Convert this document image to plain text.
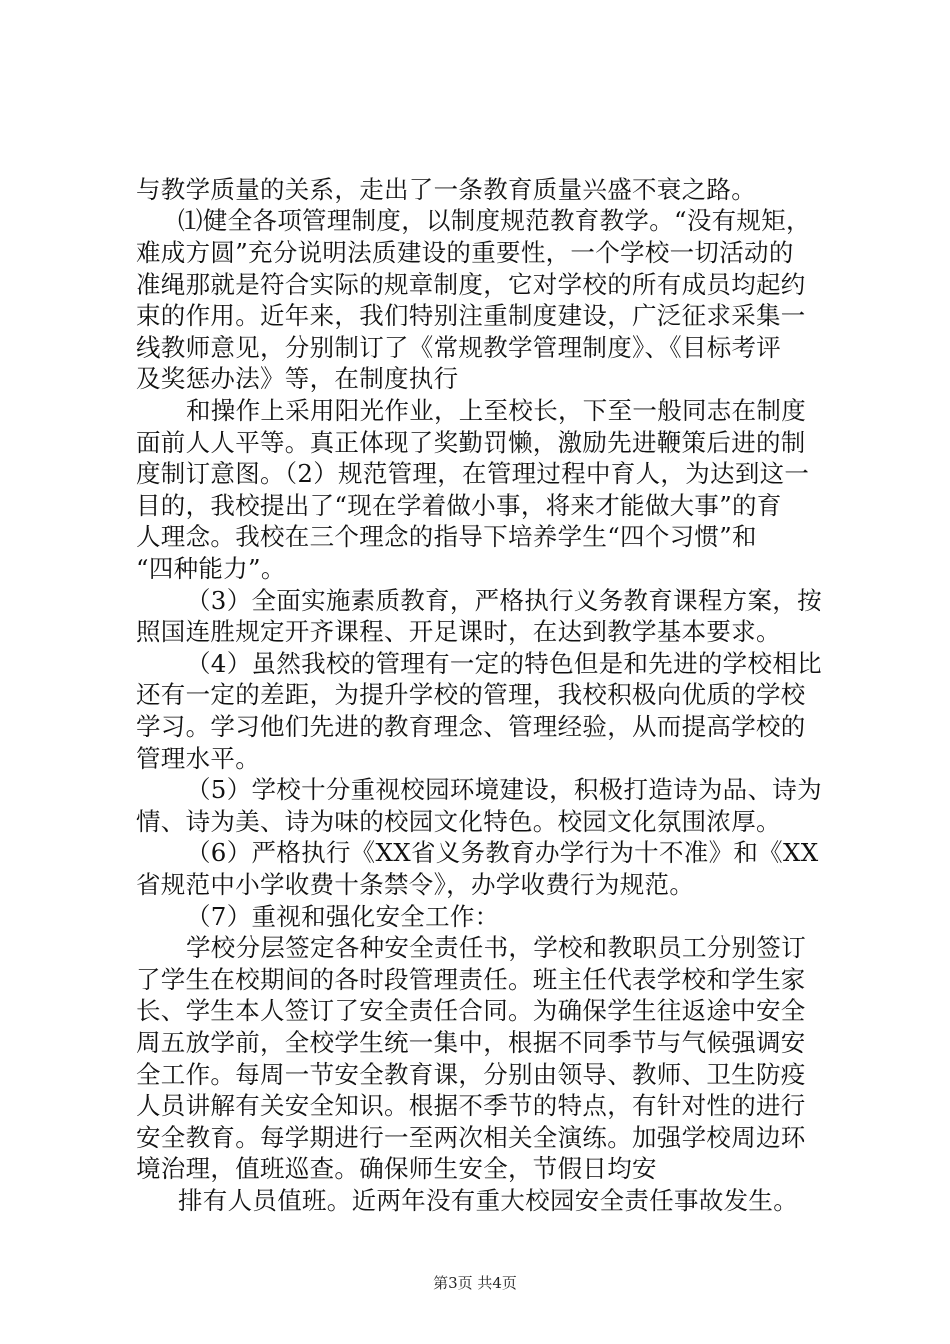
与教学质量的关系，走出了一条教育质量兴盛不衰之路。
⑴健全各项管理制度，以制度规范教育教学。“没有规矩，
难成方圆”充分说明法质建设的重要性，一个学校一切活动的
准绳那就是符合实际的规章制度，它对学校的所有成员均起约
束的作用。近年来，我们特别注重制度建设，广泛征求采集一
线教师意见，分别制订了《常规教学管理制度》、《目标考评
及奖惩办法》等，在制度执行
和操作上采用阳光作业，上至校长，下至一般同志在制度
面前人人平等。真正体现了奖勤罚懒，激励先进鞭策后进的制
度制订意图。（2）规范管理，在管理过程中育人，为达到这一
目的，我校提出了“现在学着做小事，将来才能做大事”的育
人理念。我校在三个理念的指导下培养学生“四个习惯”和
“四种能力”。
（3）全面实施素质教育，严格执行义务教育课程方案，按
照国连胜规定开齐课程、开足课时，在达到教学基本要求。
（4）虽然我校的管理有一定的特色但是和先进的学校相比
还有一定的差距，为提升学校的管理，我校积极向优质的学校
学习。学习他们先进的教育理念、管理经验，从而提高学校的
管理水平。
（5）学校十分重视校园环境建设，积极打造诗为品、诗为
情、诗为美、诗为味的校园文化特色。校园文化氛围浓厚。
（6）严格执行《XX省义务教育办学行为十不准》和《XX
省规范中小学收费十条禁令》，办学收费行为规范。
（7）重视和强化安全工作：
学校分层签定各种安全责任书，学校和教职员工分别签订
了学生在校期间的各时段管理责任。班主任代表学校和学生家
长、学生本人签订了安全责任合同。为确保学生往返途中安全
周五放学前，全校学生统一集中，根据不同季节与气候强调安
全工作。每周一节安全教育课，分别由领导、教师、卫生防疫
人员讲解有关安全知识。根据不季节的特点，有针对性的进行
安全教育。每学期进行一至两次相关全演练。加强学校周边环
境治理，值班巡查。确保师生安全，节假日均安
排有人员值班。近两年没有重大校园安全责任事故发生。
第3页 共4页
